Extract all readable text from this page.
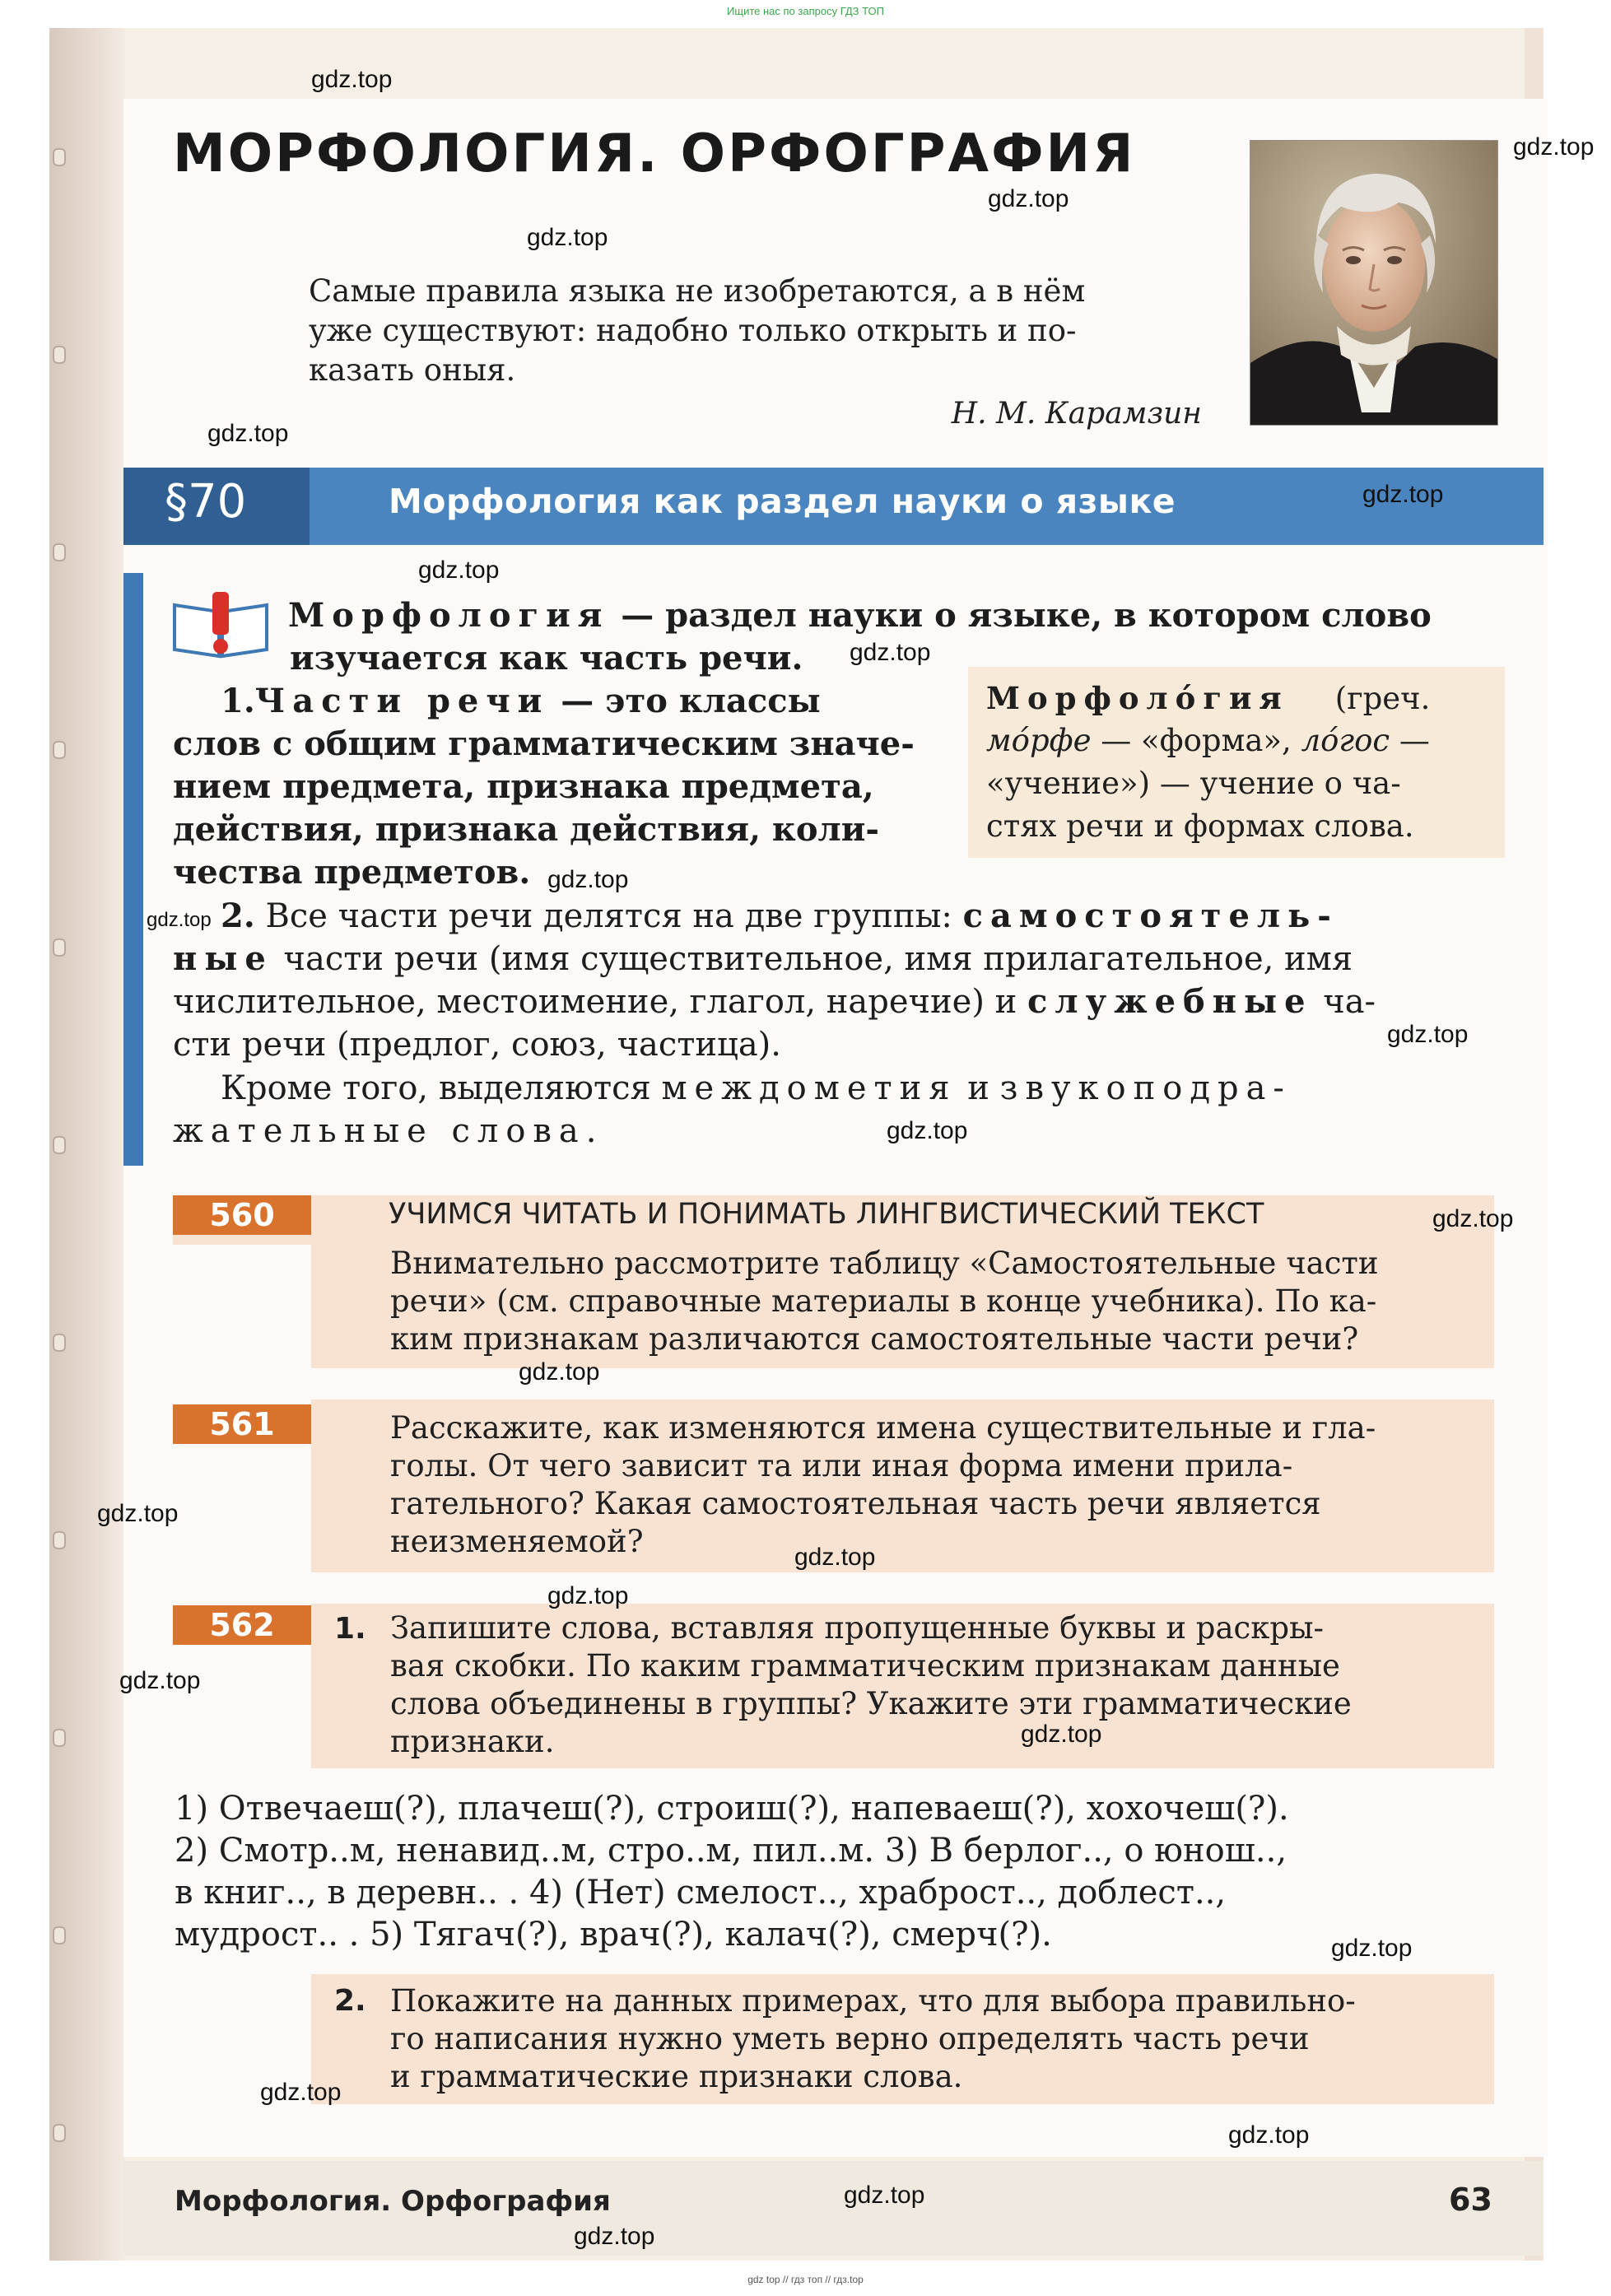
Ищите нас по запросу ГДЗ ТОП
МОРФОЛОГИЯ. ОРФОГРАФИЯ
Самые правила языка не изобретаются, а в нём
уже существуют: надобно только открыть и по-
казать оныя.
Н. М. Карамзин
§70	Морфология как раздел науки о языке
Морфология — раздел науки о языке, в котором слово
изучается как часть речи.
1.Части речи — это классы
слов с общим грамматическим значе-
нием предмета, признака предмета,
действия, признака действия, коли-
чества предметов.
Морфоло́гия (греч.
мо́рфе — «форма», ло́гос —
«учение») — учение о ча-
стях речи и формах слова.
2. Все части речи делятся на две группы: самостоятель-
ные части речи (имя существительное, имя прилагательное, имя
числительное, местоимение, глагол, наречие) и служебные ча-
сти речи (предлог, союз, частица).
Кроме того, выделяются междометия и звукоподра-
жательные слова.
560	УЧИМСЯ ЧИТАТЬ И ПОНИМАТЬ ЛИНГВИСТИЧЕСКИЙ ТЕКСТ
Внимательно рассмотрите таблицу «Самостоятельные части
речи» (см. справочные материалы в конце учебника). По ка-
ким признакам различаются самостоятельные части речи?
561	Расскажите, как изменяются имена существительные и гла-
голы. От чего зависит та или иная форма имени прила-
гательного? Какая самостоятельная часть речи является
неизменяемой?
562	1. Запишите слова, вставляя пропущенные буквы и раскры-
вая скобки. По каким грамматическим признакам данные
слова объединены в группы? Укажите эти грамматические
признаки.
1) Отвечаеш(?), плачеш(?), строиш(?), напеваеш(?), хохочеш(?).
2) Смотр..м, ненавид..м, стро..м, пил..м. 3) В берлог.., о юнош..,
в книг.., в деревн.. . 4) (Нет) смелост.., храброст.., доблест..,
мудрост.. . 5) Тягач(?), врач(?), калач(?), смерч(?).
2. Покажите на данных примерах, что для выбора правильно-
го написания нужно уметь верно определять часть речи
и грамматические признаки слова.
Морфология. Орфография	63
gdz.top
gdz.top
gdz.top
gdz.top
gdz.top
gdz.top
gdz.top
gdz.top
gdz.top
gdz.top
gdz.top
gdz.top
gdz.top
gdz.top
gdz.top
gdz.top
gdz.top
gdz.top
gdz.top
gdz.top
gdz.top
gdz.top
gdz.top
gdz.top
gdz top // гдз топ // гдз.top
